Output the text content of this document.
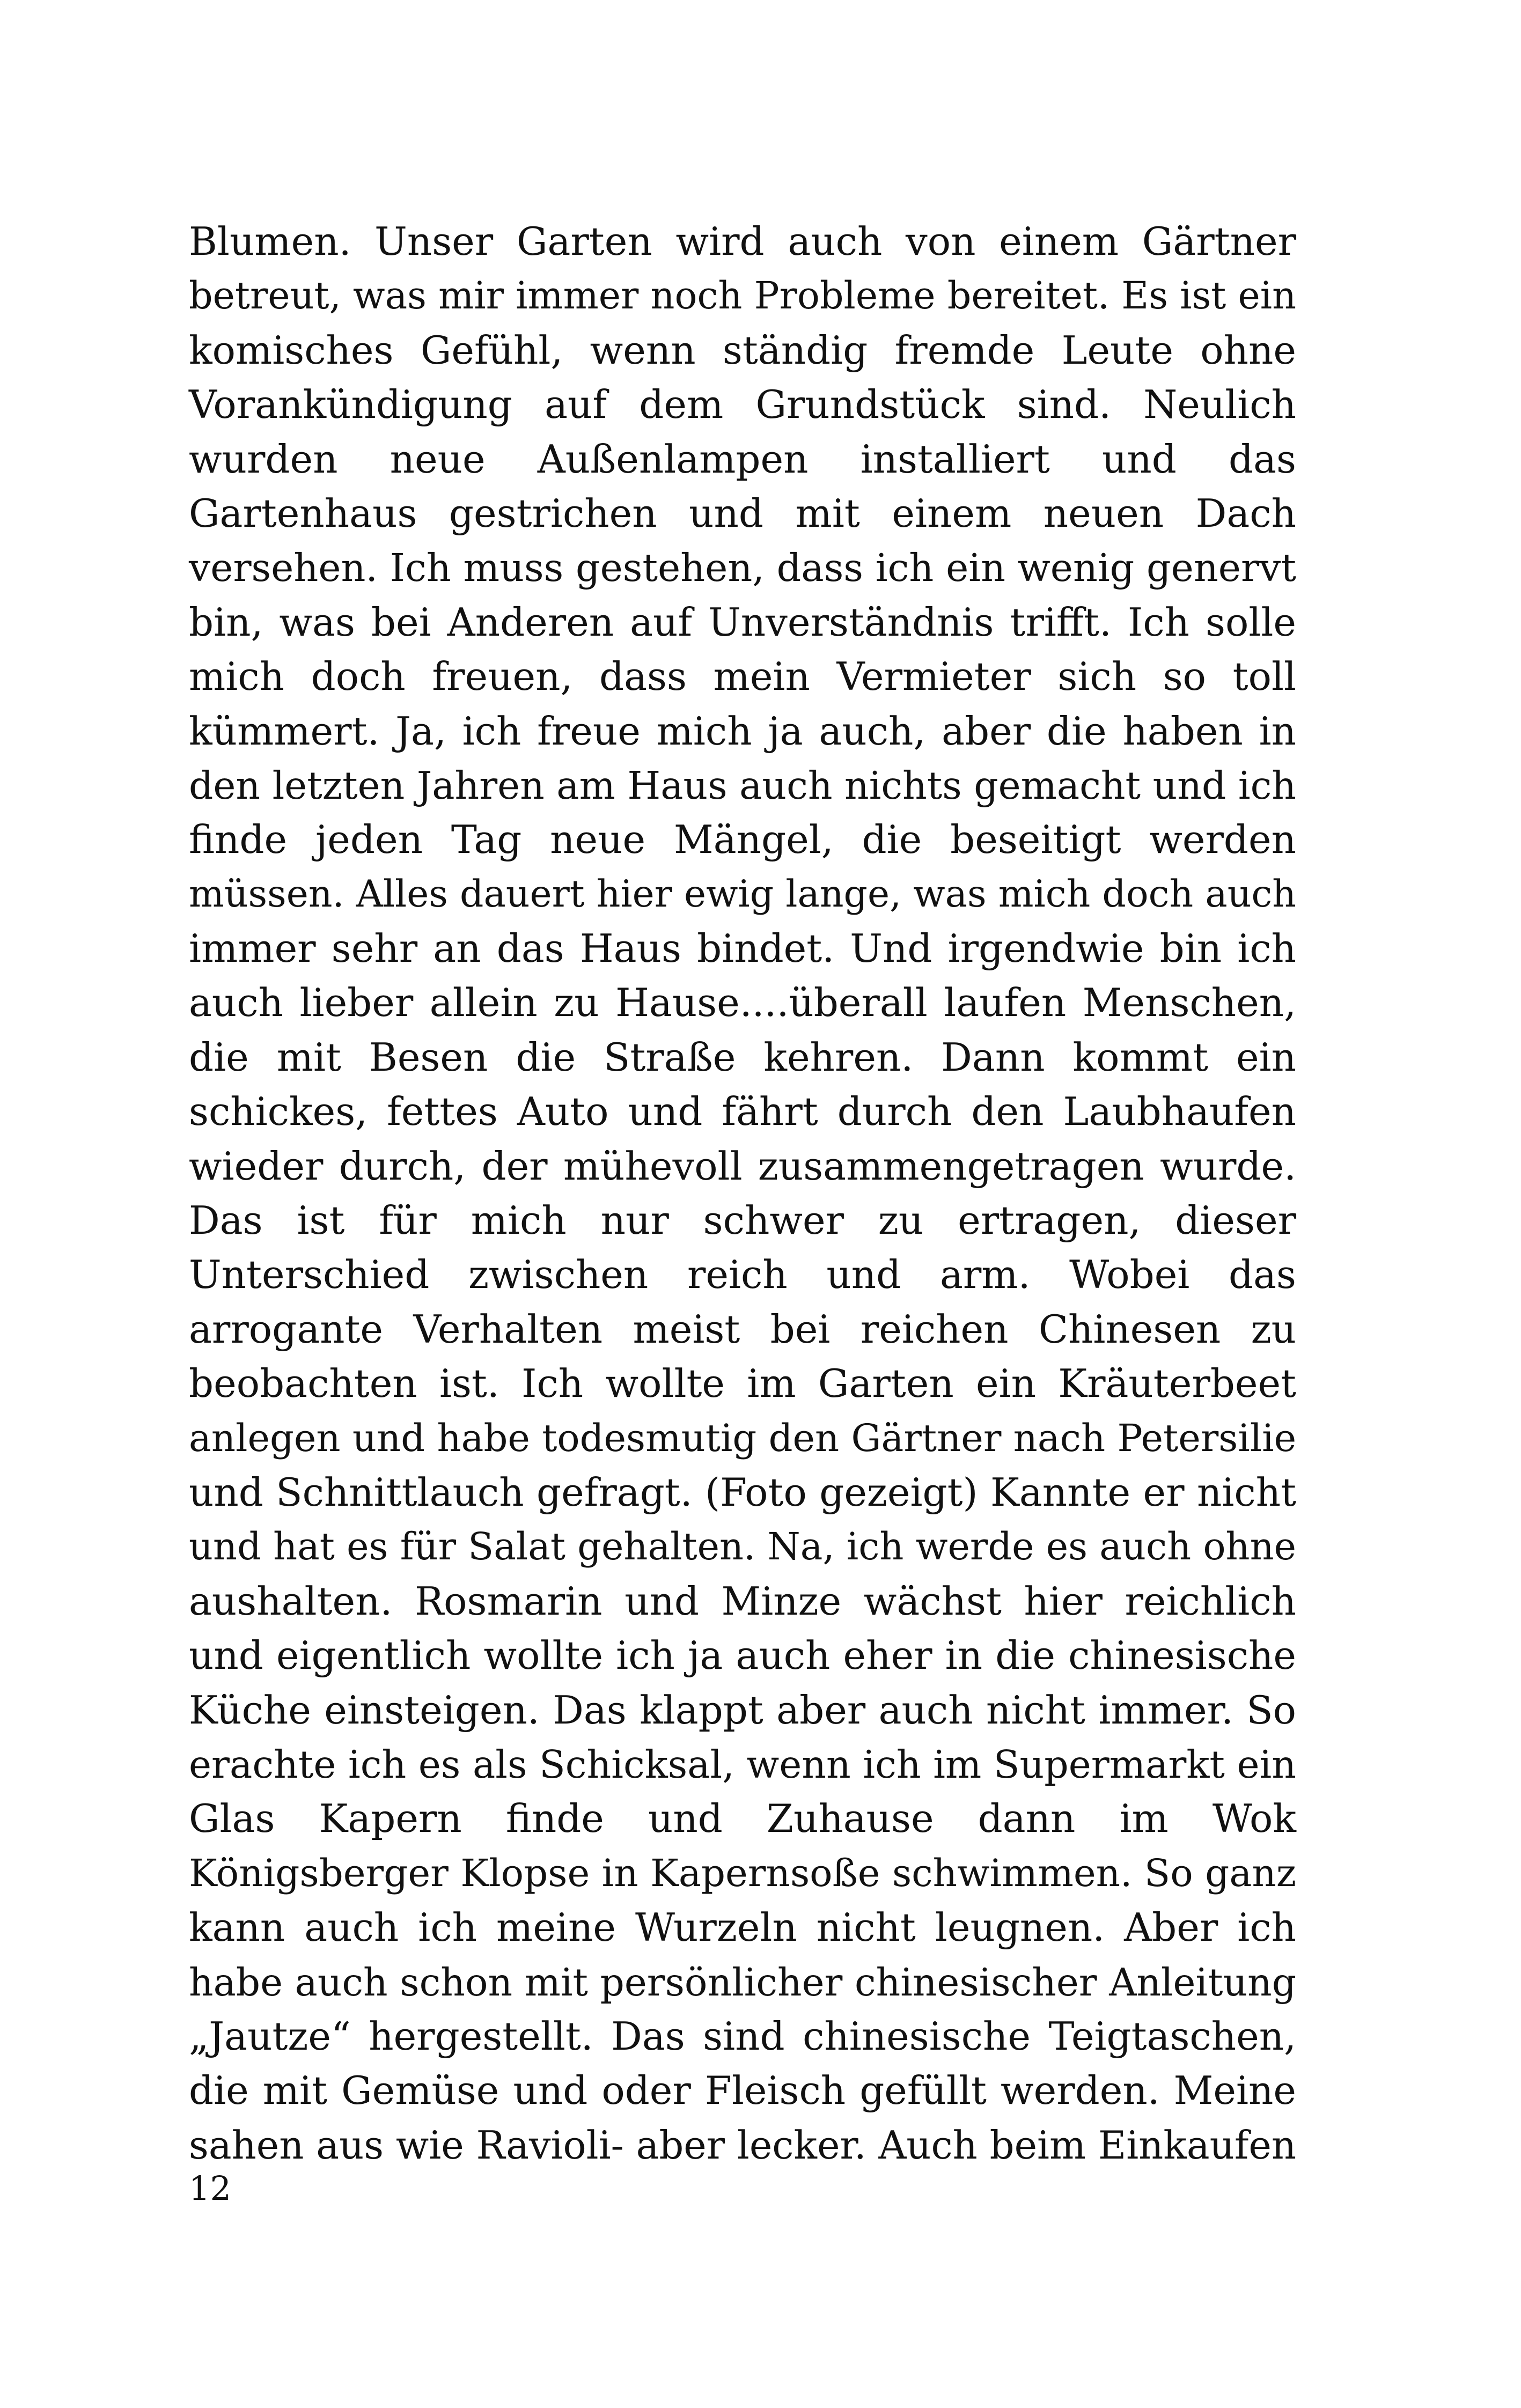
Blumen. Unser Garten wird auch von einem Gärtner
betreut, was mir immer noch Probleme bereitet. Es ist ein
komisches Gefühl, wenn ständig fremde Leute ohne
Vorankündigung auf dem Grundstück sind. Neulich
wurden neue Außenlampen installiert und das
Gartenhaus gestrichen und mit einem neuen Dach
versehen. Ich muss gestehen, dass ich ein wenig genervt
bin, was bei Anderen auf Unverständnis trifft. Ich solle
mich doch freuen, dass mein Vermieter sich so toll
kümmert. Ja, ich freue mich ja auch, aber die haben in
den letzten Jahren am Haus auch nichts gemacht und ich
finde jeden Tag neue Mängel, die beseitigt werden
müssen. Alles dauert hier ewig lange, was mich doch auch
immer sehr an das Haus bindet. Und irgendwie bin ich
auch lieber allein zu Hause....überall laufen Menschen,
die mit Besen die Straße kehren. Dann kommt ein
schickes, fettes Auto und fährt durch den Laubhaufen
wieder durch, der mühevoll zusammengetragen wurde.
Das ist für mich nur schwer zu ertragen, dieser
Unterschied zwischen reich und arm. Wobei das
arrogante Verhalten meist bei reichen Chinesen zu
beobachten ist. Ich wollte im Garten ein Kräuterbeet
anlegen und habe todesmutig den Gärtner nach Petersilie
und Schnittlauch gefragt. (Foto gezeigt) Kannte er nicht
und hat es für Salat gehalten. Na, ich werde es auch ohne
aushalten. Rosmarin und Minze wächst hier reichlich
und eigentlich wollte ich ja auch eher in die chinesische
Küche einsteigen. Das klappt aber auch nicht immer. So
erachte ich es als Schicksal, wenn ich im Supermarkt ein
Glas Kapern finde und Zuhause dann im Wok
Königsberger Klopse in Kapernsoße schwimmen. So ganz
kann auch ich meine Wurzeln nicht leugnen. Aber ich
habe auch schon mit persönlicher chinesischer Anleitung
„Jautze“ hergestellt. Das sind chinesische Teigtaschen,
die mit Gemüse und oder Fleisch gefüllt werden. Meine
sahen aus wie Ravioli- aber lecker. Auch beim Einkaufen
12
